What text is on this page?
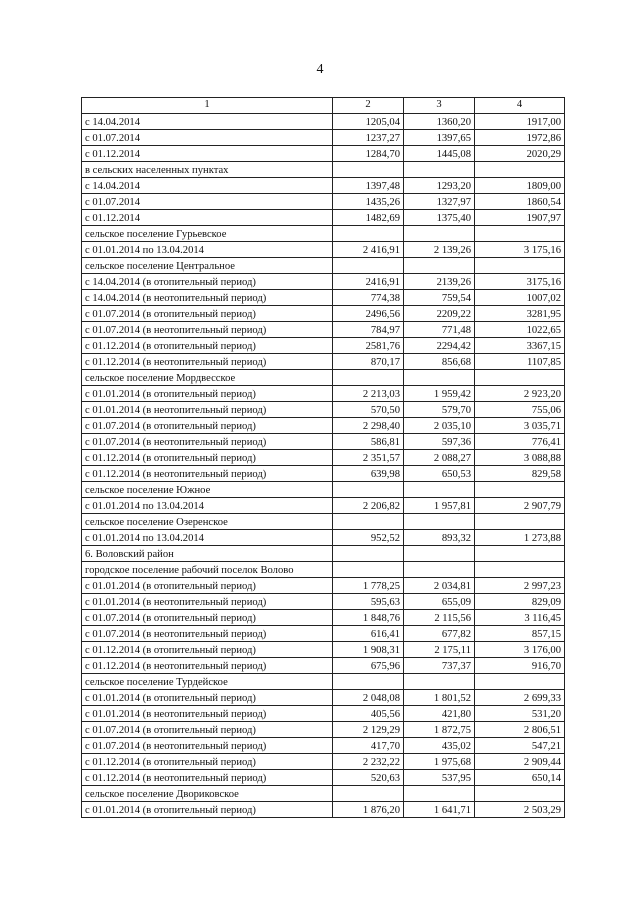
4
1	2	3	4
с 14.04.2014	1205,04	1360,20	1917,00
с 01.07.2014	1237,27	1397,65	1972,86
с 01.12.2014	1284,70	1445,08	2020,29
в сельских населенных пунктах			
с 14.04.2014	1397,48	1293,20	1809,00
с 01.07.2014	1435,26	1327,97	1860,54
с 01.12.2014	1482,69	1375,40	1907,97
сельское поселение Гурьевское			
с 01.01.2014 по 13.04.2014	2 416,91	2 139,26	3 175,16
сельское поселение Центральное			
с 14.04.2014 (в отопительный период)	2416,91	2139,26	3175,16
с 14.04.2014 (в неотопительный период)	774,38	759,54	1007,02
с 01.07.2014 (в отопительный период)	2496,56	2209,22	3281,95
с 01.07.2014 (в неотопительный период)	784,97	771,48	1022,65
с 01.12.2014 (в отопительный период)	2581,76	2294,42	3367,15
с 01.12.2014 (в неотопительный период)	870,17	856,68	1107,85
сельское поселение Мордвесское			
с 01.01.2014 (в отопительный период)	2 213,03	1 959,42	2 923,20
с 01.01.2014 (в неотопительный период)	570,50	579,70	755,06
с 01.07.2014 (в отопительный период)	2 298,40	2 035,10	3 035,71
с 01.07.2014 (в неотопительный период)	586,81	597,36	776,41
с 01.12.2014 (в отопительный период)	2 351,57	2 088,27	3 088,88
с 01.12.2014 (в неотопительный период)	639,98	650,53	829,58
сельское поселение Южное			
с 01.01.2014 по 13.04.2014	2 206,82	1 957,81	2 907,79
сельское поселение Озеренское			
с 01.01.2014 по 13.04.2014	952,52	893,32	1 273,88
6. Воловский район			
городское поселение рабочий поселок Волово			
с 01.01.2014 (в отопительный период)	1 778,25	2 034,81	2 997,23
с 01.01.2014 (в неотопительный период)	595,63	655,09	829,09
с 01.07.2014 (в отопительный период)	1 848,76	2 115,56	3 116,45
с 01.07.2014 (в неотопительный период)	616,41	677,82	857,15
с 01.12.2014 (в отопительный период)	1 908,31	2 175,11	3 176,00
с 01.12.2014 (в неотопительный период)	675,96	737,37	916,70
сельское поселение Турдейское			
с 01.01.2014 (в отопительный период)	2 048,08	1 801,52	2 699,33
с 01.01.2014 (в неотопительный период)	405,56	421,80	531,20
с 01.07.2014 (в отопительный период)	2 129,29	1 872,75	2 806,51
с 01.07.2014 (в неотопительный период)	417,70	435,02	547,21
с 01.12.2014 (в отопительный период)	2 232,22	1 975,68	2 909,44
с 01.12.2014 (в неотопительный период)	520,63	537,95	650,14
сельское поселение Двориковское			
с 01.01.2014 (в отопительный период)	1 876,20	1 641,71	2 503,29
